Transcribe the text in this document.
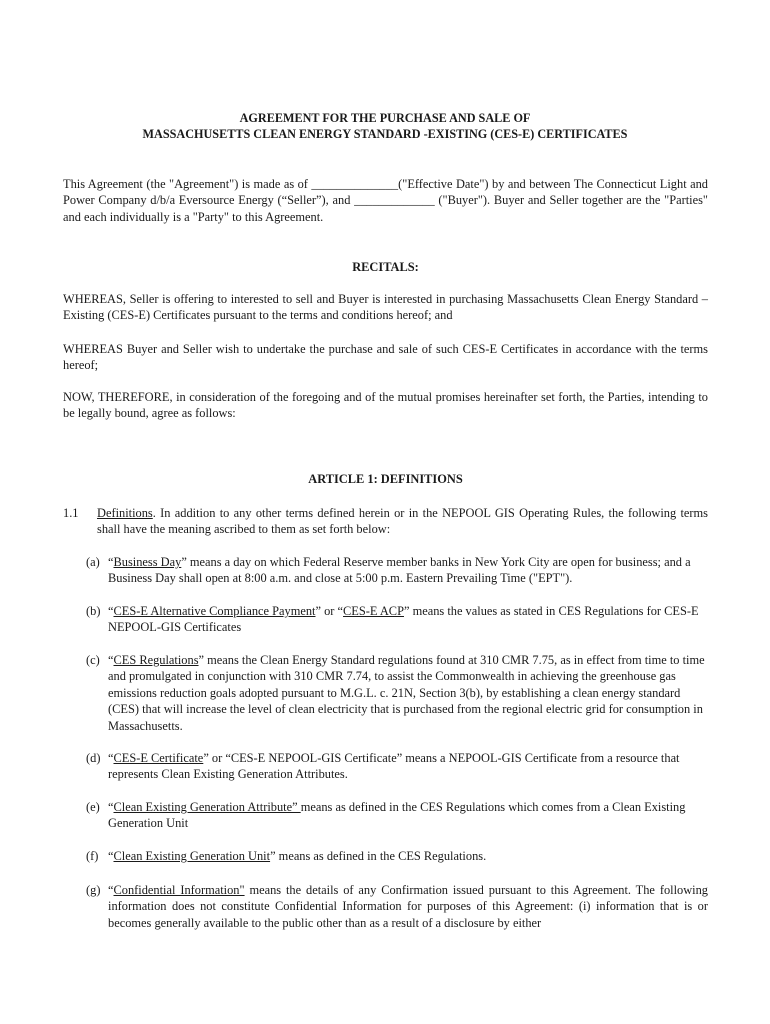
AGREEMENT FOR THE PURCHASE AND SALE OF
MASSACHUSETTS CLEAN ENERGY STANDARD -EXISTING (CES-E) CERTIFICATES
This Agreement (the "Agreement") is made as of ______________("Effective Date") by and between The Connecticut Light and Power Company d/b/a Eversource Energy (“Seller”), and _____________ ("Buyer"). Buyer and Seller together are the "Parties" and each individually is a "Party" to this Agreement.
RECITALS:
WHEREAS, Seller is offering to interested to sell and Buyer is interested in purchasing Massachusetts Clean Energy Standard – Existing (CES-E) Certificates pursuant to the terms and conditions hereof; and
WHEREAS Buyer and Seller wish to undertake the purchase and sale of such CES-E Certificates in accordance with the terms hereof;
NOW, THEREFORE, in consideration of the foregoing and of the mutual promises hereinafter set forth, the Parties, intending to be legally bound, agree as follows:
ARTICLE 1: DEFINITIONS
1.1 Definitions. In addition to any other terms defined herein or in the NEPOOL GIS Operating Rules, the following terms shall have the meaning ascribed to them as set forth below:
(a) “Business Day” means a day on which Federal Reserve member banks in New York City are open for business; and a Business Day shall open at 8:00 a.m. and close at 5:00 p.m. Eastern Prevailing Time ("EPT").
(b) “CES-E Alternative Compliance Payment” or “CES-E ACP” means the values as stated in CES Regulations for CES-E NEPOOL-GIS Certificates
(c) “CES Regulations” means the Clean Energy Standard regulations found at 310 CMR 7.75, as in effect from time to time and promulgated in conjunction with 310 CMR 7.74, to assist the Commonwealth in achieving the greenhouse gas emissions reduction goals adopted pursuant to M.G.L. c. 21N, Section 3(b), by establishing a clean energy standard (CES) that will increase the level of clean electricity that is purchased from the regional electric grid for consumption in Massachusetts.
(d) “CES-E Certificate” or “CES-E NEPOOL-GIS Certificate” means a NEPOOL-GIS Certificate from a resource that represents Clean Existing Generation Attributes.
(e) “Clean Existing Generation Attribute” means as defined in the CES Regulations which comes from a Clean Existing Generation Unit
(f) “Clean Existing Generation Unit” means as defined in the CES Regulations.
(g) “Confidential Information" means the details of any Confirmation issued pursuant to this Agreement. The following information does not constitute Confidential Information for purposes of this Agreement: (i) information that is or becomes generally available to the public other than as a result of a disclosure by either
